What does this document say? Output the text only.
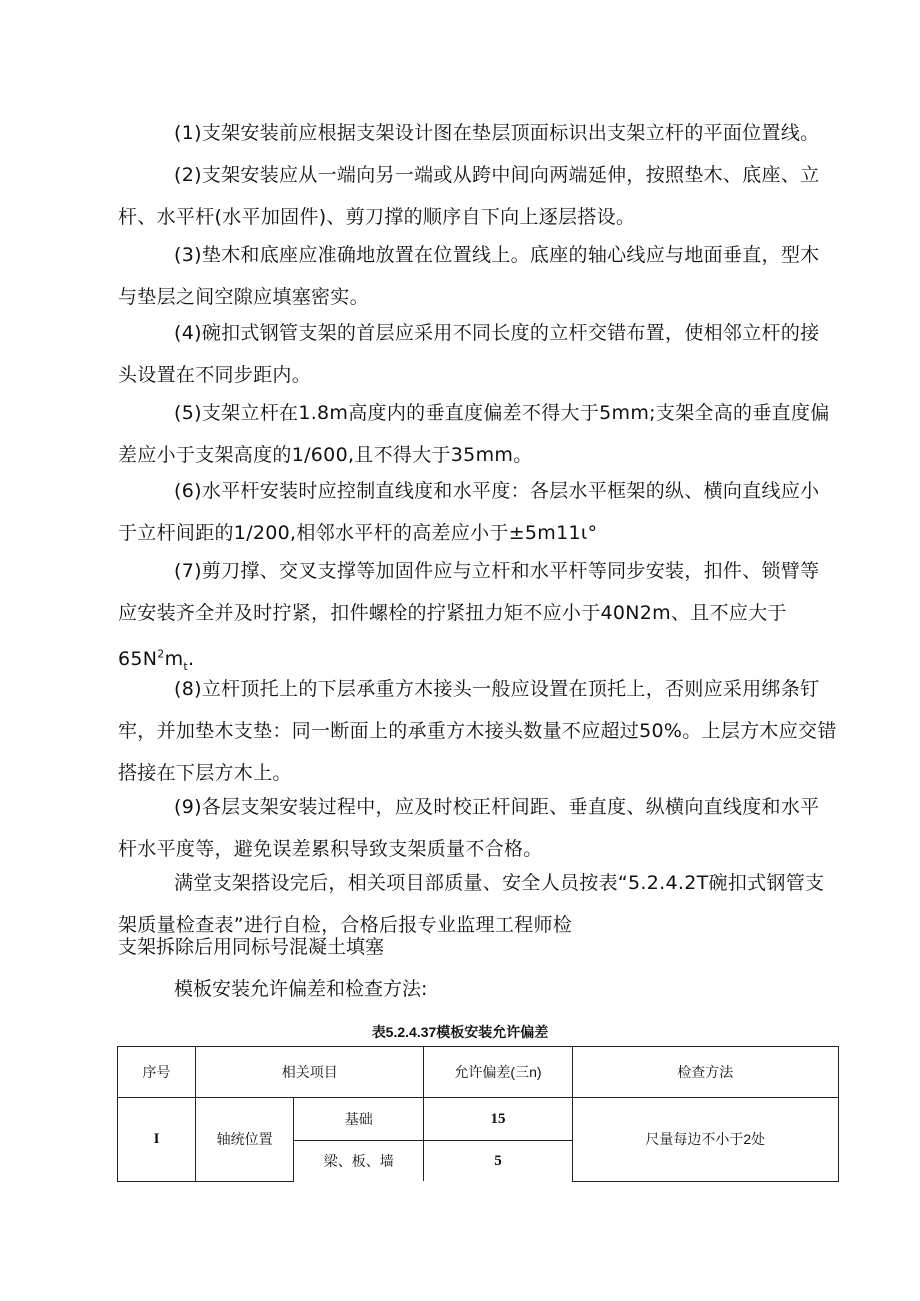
(1)支架安装前应根据支架设计图在垫层顶面标识出支架立杆的平面位置线。

(2)支架安装应从一端向另一端或从跨中间向两端延伸，按照垫木、底座、立杆、水平杆(水平加固件)、剪刀撑的顺序自下向上逐层搭设。

(3)垫木和底座应准确地放置在位置线上。底座的轴心线应与地面垂直，型木与垫层之间空隙应填塞密实。

(4)碗扣式钢管支架的首层应采用不同长度的立杆交错布置，使相邻立杆的接头设置在不同步距内。

(5)支架立杆在1.8m高度内的垂直度偏差不得大于5mm;支架全高的垂直度偏差应小于支架高度的1/600,且不得大于35mm。

(6)水平杆安装时应控制直线度和水平度：各层水平框架的纵、横向直线应小于立杆间距的1/200,相邻水平杆的高差应小于±5m11ι°

(7)剪刀撑、交叉支撑等加固件应与立杆和水平杆等同步安装，扣件、锁臂等应安装齐全并及时拧紧，扣件螺栓的拧紧扭力矩不应小于40N2m、且不应大于$65N^2m_t$.

(8)立杆顶托上的下层承重方木接头一般应设置在顶托上，否则应采用绑条钉牢，并加垫木支垫：同一断面上的承重方木接头数量不应超过50%。上层方木应交错搭接在下层方木上。

(9)各层支架安装过程中，应及时校正杆间距、垂直度、纵横向直线度和水平杆水平度等，避免误差累积导致支架质量不合格。

满堂支架搭设完后，相关项目部质量、安全人员按表“5.2.4.2T碗扣式钢管支架质量检查表”进行自检，合格后报专业监理工程师检

支架拆除后用同标号混凝土填塞

模板安装允许偏差和检查方法:

表5.2.4.37模板安装允许偏差
序号	相关项目		允许偏差(三n)	检查方法
I	轴统位置	基础	15	尺量每边不小于2处
		梁、板、墙	5	
